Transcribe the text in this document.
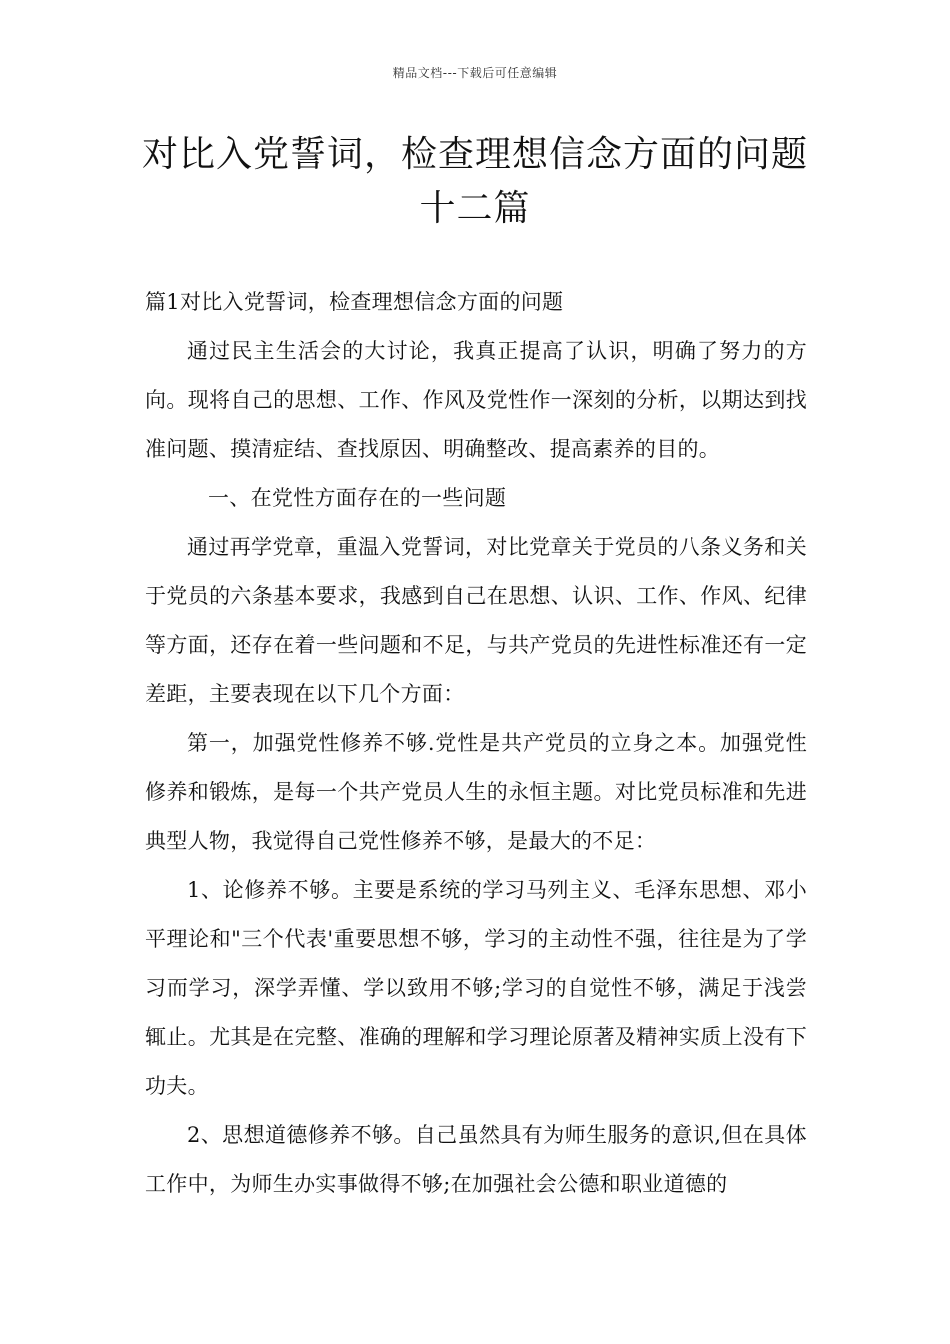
精品文档---下载后可任意编辑
对比入党誓词，检查理想信念方面的问题十二篇

篇1对比入党誓词，检查理想信念方面的问题

通过民主生活会的大讨论，我真正提高了认识，明确了努力的方向。现将自己的思想、工作、作风及党性作一深刻的分析，以期达到找准问题、摸清症结、查找原因、明确整改、提高素养的目的。

一、在党性方面存在的一些问题

通过再学党章，重温入党誓词，对比党章关于党员的八条义务和关于党员的六条基本要求，我感到自己在思想、认识、工作、作风、纪律等方面，还存在着一些问题和不足，与共产党员的先进性标准还有一定差距，主要表现在以下几个方面：

第一，加强党性修养不够.党性是共产党员的立身之本。加强党性修养和锻炼，是每一个共产党员人生的永恒主题。对比党员标准和先进典型人物，我觉得自己党性修养不够，是最大的不足：

1、论修养不够。主要是系统的学习马列主义、毛泽东思想、邓小平理论和"三个代表'重要思想不够，学习的主动性不强，往往是为了学习而学习，深学弄懂、学以致用不够;学习的自觉性不够，满足于浅尝辄止。尤其是在完整、准确的理解和学习理论原著及精神实质上没有下功夫。

2、思想道德修养不够。自己虽然具有为师生服务的意识,但在具体工作中，为师生办实事做得不够;在加强社会公德和职业道德的
